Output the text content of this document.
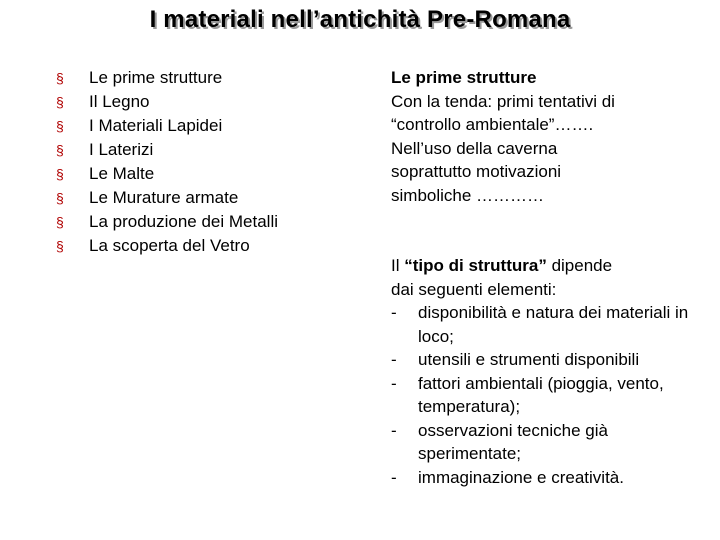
I materiali nell’antichità Pre-Romana
§	Le prime strutture
§	Il Legno
§	I Materiali Lapidei
§	I Laterizi
§	Le Malte
§	Le Murature armate
§	La produzione dei Metalli
§	La scoperta del Vetro

Le prime strutture

Con la tenda: primi tentativi di

“controllo ambientale”…….

Nell’uso della caverna

soprattutto motivazioni

simboliche …………

Il “tipo di struttura” dipende

dai seguenti elementi:

- disponibilità e natura dei materiali in loco;
- utensili e strumenti disponibili
- fattori ambientali (pioggia, vento, temperatura);
- osservazioni tecniche già sperimentate;
- immaginazione e creatività.
